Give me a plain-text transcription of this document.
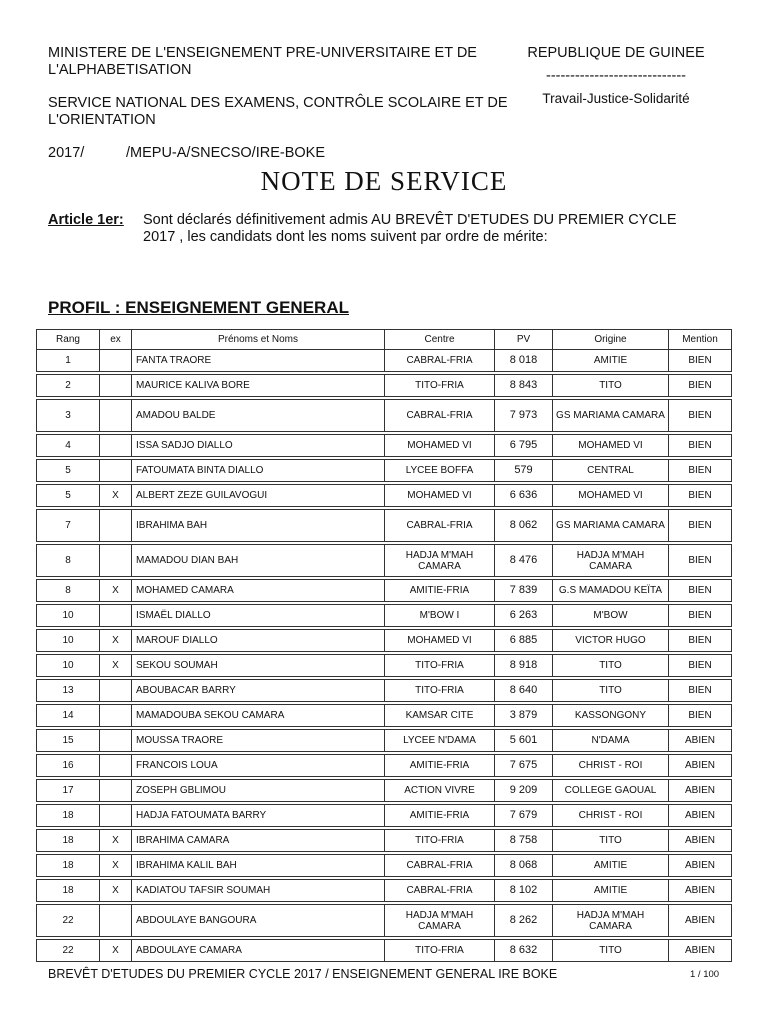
MINISTERE DE L'ENSEIGNEMENT PRE-UNIVERSITAIRE ET DE L'ALPHABETISATION
SERVICE NATIONAL DES EXAMENS, CONTRÔLE SCOLAIRE ET DE L'ORIENTATION
2017/	/MEPU-A/SNECSO/IRE-BOKE
REPUBLIQUE DE GUINEE
-----------------------------
Travail-Justice-Solidarité
NOTE DE SERVICE
Article 1er: Sont déclarés définitivement admis AU BREVÊT D'ETUDES DU PREMIER CYCLE 2017 , les candidats dont les noms suivent par ordre de mérite:
PROFIL : ENSEIGNEMENT GENERAL
Rang	ex	Prénoms et Noms	Centre	PV	Origine	Mention
1		FANTA TRAORE	CABRAL-FRIA	8 018	AMITIE	BIEN

2		MAURICE KALIVA BORE	TITO-FRIA	8 843	TITO	BIEN

3		AMADOU BALDE	CABRAL-FRIA	7 973	GS MARIAMA CAMARA	BIEN

4		ISSA SADJO DIALLO	MOHAMED VI	6 795	MOHAMED VI	BIEN

5		FATOUMATA BINTA DIALLO	LYCEE BOFFA	579	CENTRAL	BIEN

5	X	ALBERT ZEZE GUILAVOGUI	MOHAMED VI	6 636	MOHAMED VI	BIEN

7		IBRAHIMA BAH	CABRAL-FRIA	8 062	GS MARIAMA CAMARA	BIEN

8		MAMADOU DIAN BAH	HADJA M'MAH CAMARA	8 476	HADJA M'MAH CAMARA	BIEN

8	X	MOHAMED CAMARA	AMITIE-FRIA	7 839	G.S MAMADOU KEÏTA	BIEN

10		ISMAËL DIALLO	M'BOW I	6 263	M'BOW	BIEN

10	X	MAROUF DIALLO	MOHAMED VI	6 885	VICTOR HUGO	BIEN

10	X	SEKOU SOUMAH	TITO-FRIA	8 918	TITO	BIEN

13		ABOUBACAR BARRY	TITO-FRIA	8 640	TITO	BIEN

14		MAMADOUBA SEKOU CAMARA	KAMSAR CITE	3 879	KASSONGONY	BIEN

15		MOUSSA TRAORE	LYCEE N'DAMA	5 601	N'DAMA	ABIEN

16		FRANCOIS LOUA	AMITIE-FRIA	7 675	CHRIST - ROI	ABIEN

17		ZOSEPH GBLIMOU	ACTION VIVRE	9 209	COLLEGE GAOUAL	ABIEN

18		HADJA FATOUMATA BARRY	AMITIE-FRIA	7 679	CHRIST - ROI	ABIEN

18	X	IBRAHIMA CAMARA	TITO-FRIA	8 758	TITO	ABIEN

18	X	IBRAHIMA KALIL BAH	CABRAL-FRIA	8 068	AMITIE	ABIEN

18	X	KADIATOU TAFSIR SOUMAH	CABRAL-FRIA	8 102	AMITIE	ABIEN

22		ABDOULAYE BANGOURA	HADJA M'MAH CAMARA	8 262	HADJA M'MAH CAMARA	ABIEN

22	X	ABDOULAYE CAMARA	TITO-FRIA	8 632	TITO	ABIEN
BREVÊT D'ETUDES DU PREMIER CYCLE 2017 / ENSEIGNEMENT GENERAL IRE BOKE	1 / 100
